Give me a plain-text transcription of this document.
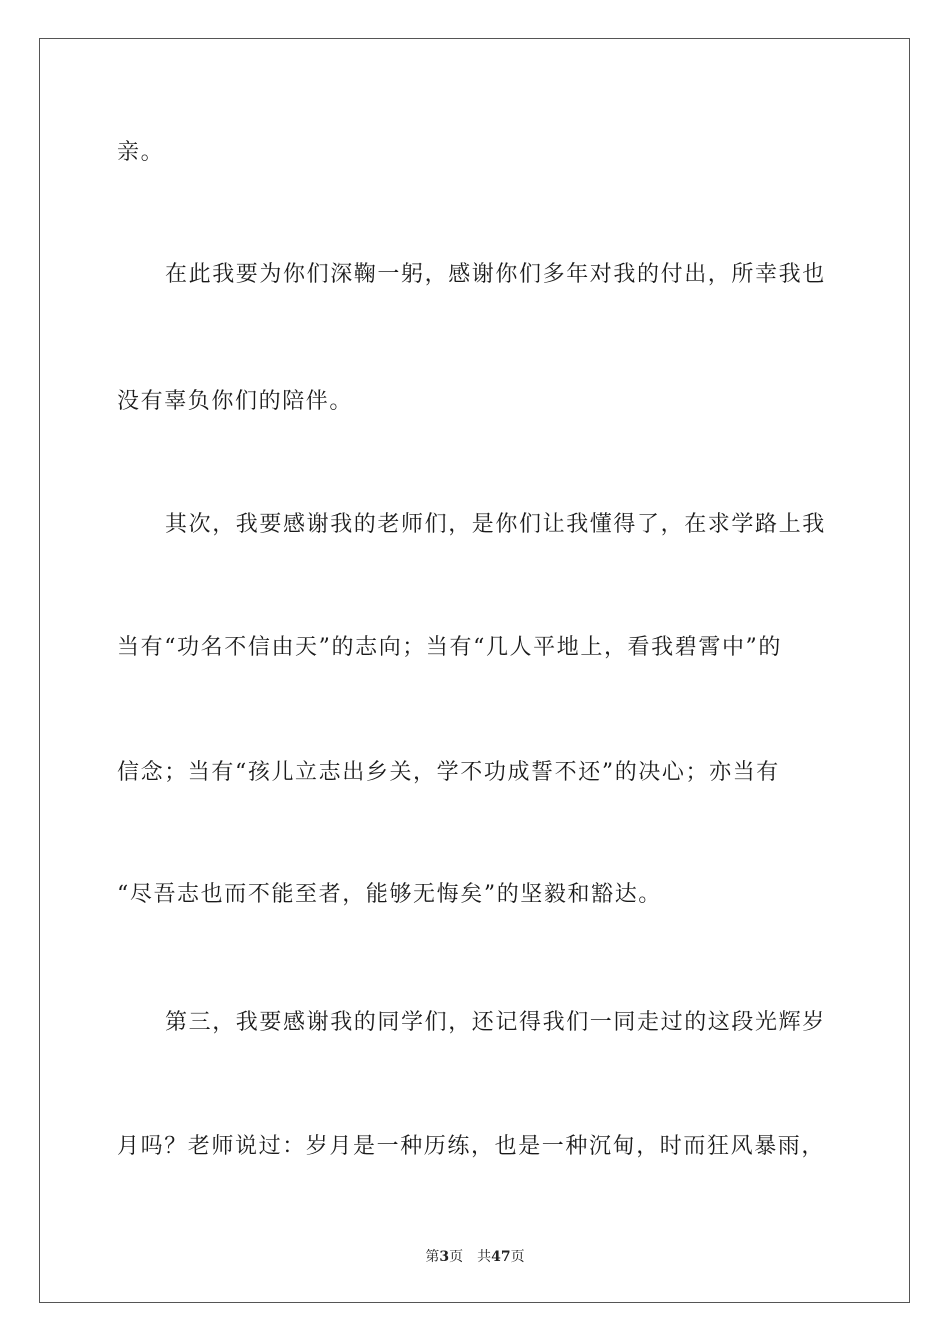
亲。
在此我要为你们深鞠一躬，感谢你们多年对我的付出，所幸我也
没有辜负你们的陪伴。
其次，我要感谢我的老师们，是你们让我懂得了，在求学路上我
当有“功名不信由天”的志向；当有“几人平地上，看我碧霄中”的
信念；当有“孩儿立志出乡关，学不功成誓不还”的决心；亦当有
“尽吾志也而不能至者，能够无悔矣”的坚毅和豁达。
第三，我要感谢我的同学们，还记得我们一同走过的这段光辉岁
月吗？老师说过：岁月是一种历练，也是一种沉甸，时而狂风暴雨，
第3页 共47页
